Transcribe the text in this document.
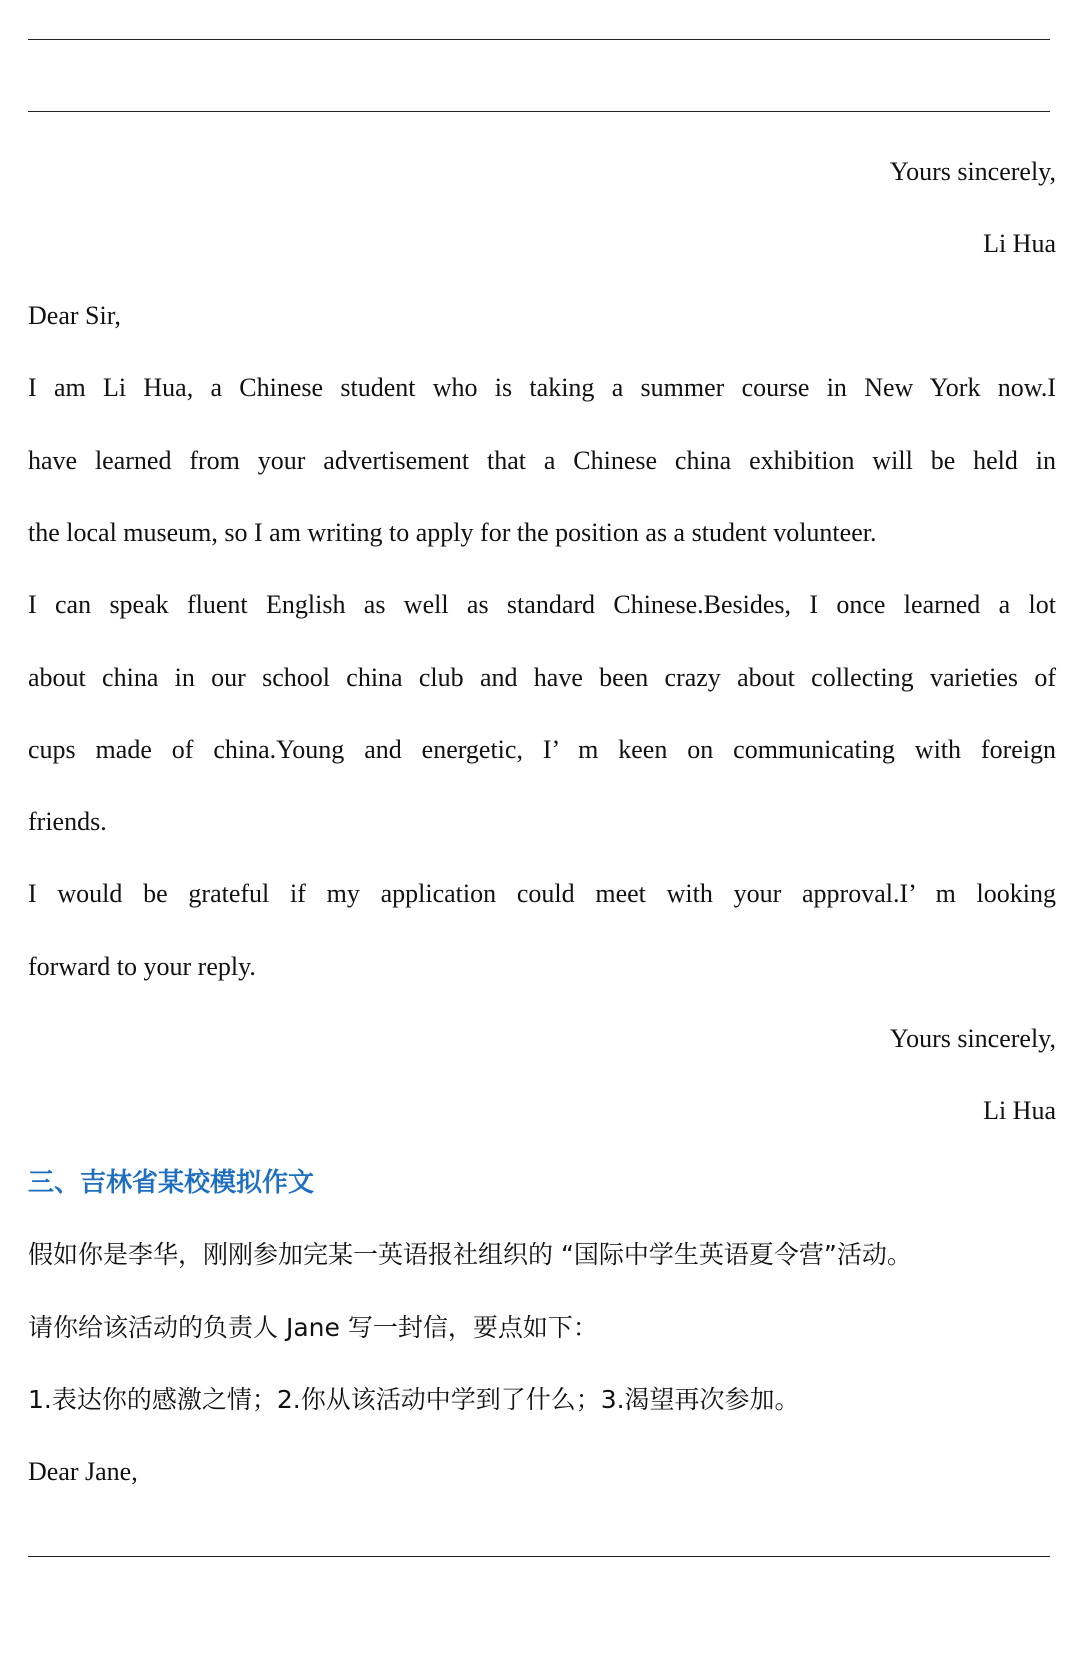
Yours sincerely,
Li Hua
Dear Sir,
I am Li Hua, a Chinese student who is taking a summer course in New York now.I
have learned from your advertisement that a Chinese china exhibition will be held in
the local museum, so I am writing to apply for the position as a student volunteer.
I can speak fluent English as well as standard Chinese.Besides, I once learned a lot
about china in our school china club and have been crazy about collecting varieties of
cups made of china.Young and energetic, I’ m keen on communicating with foreign
friends.
I would be grateful if my application could meet with your approval.I’ m looking
forward to your reply.
Yours sincerely,
Li Hua
三、吉林省某校模拟作文
假如你是李华，刚刚参加完某一英语报社组织的 “国际中学生英语夏令营”活动。
请你给该活动的负责人 Jane 写一封信，要点如下：
1.表达你的感激之情；2.你从该活动中学到了什么；3.渴望再次参加。
Dear Jane,
